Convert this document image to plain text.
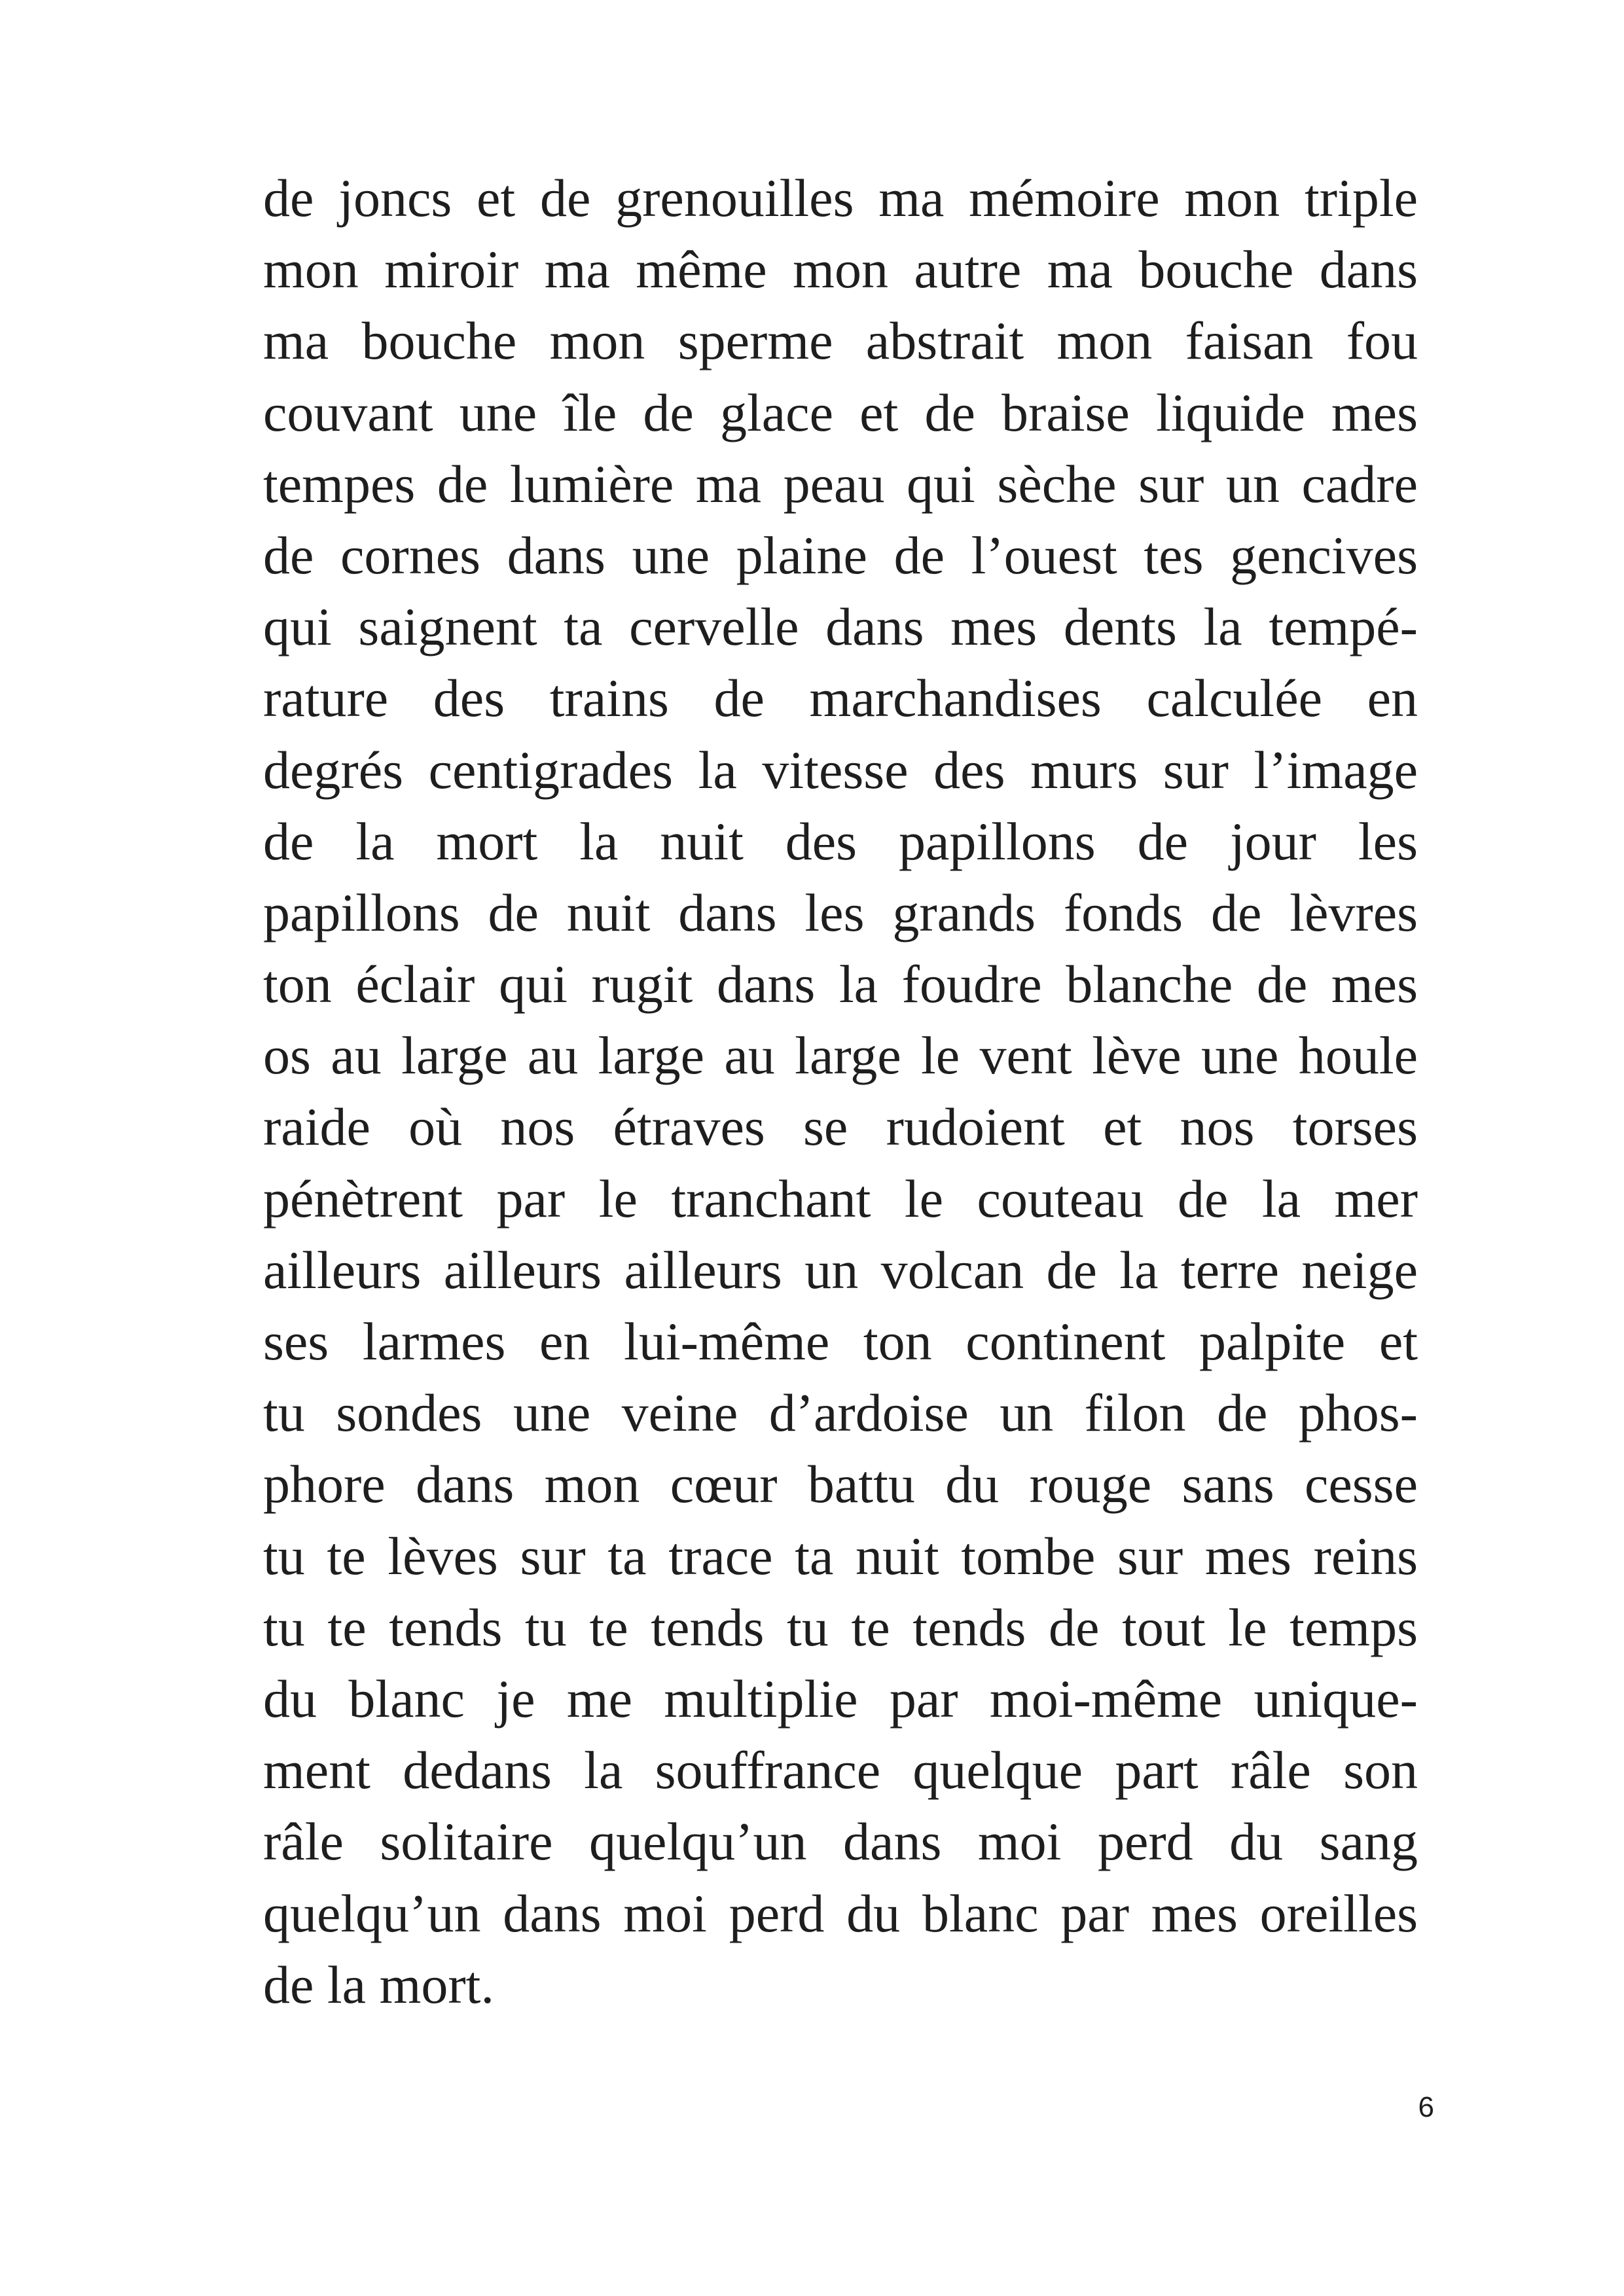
de joncs et de grenouilles ma mémoire mon triple
mon miroir ma même mon autre ma bouche dans
ma bouche mon sperme abstrait mon faisan fou
couvant une île de glace et de braise liquide mes
tempes de lumière ma peau qui sèche sur un cadre
de cornes dans une plaine de l’ouest tes gencives
qui saignent ta cervelle dans mes dents la tempé-
rature des trains de marchandises calculée en
degrés centigrades la vitesse des murs sur l’image
de la mort la nuit des papillons de jour les
papillons de nuit dans les grands fonds de lèvres
ton éclair qui rugit dans la foudre blanche de mes
os au large au large au large le vent lève une houle
raide où nos étraves se rudoient et nos torses
pénètrent par le tranchant le couteau de la mer
ailleurs ailleurs ailleurs un volcan de la terre neige
ses larmes en lui-même ton continent palpite et
tu sondes une veine d’ardoise un filon de phos-
phore dans mon cœur battu du rouge sans cesse
tu te lèves sur ta trace ta nuit tombe sur mes reins
tu te tends tu te tends tu te tends de tout le temps
du blanc je me multiplie par moi-même unique-
ment dedans la souffrance quelque part râle son
râle solitaire quelqu’un dans moi perd du sang
quelqu’un dans moi perd du blanc par mes oreilles
de la mort.
6
